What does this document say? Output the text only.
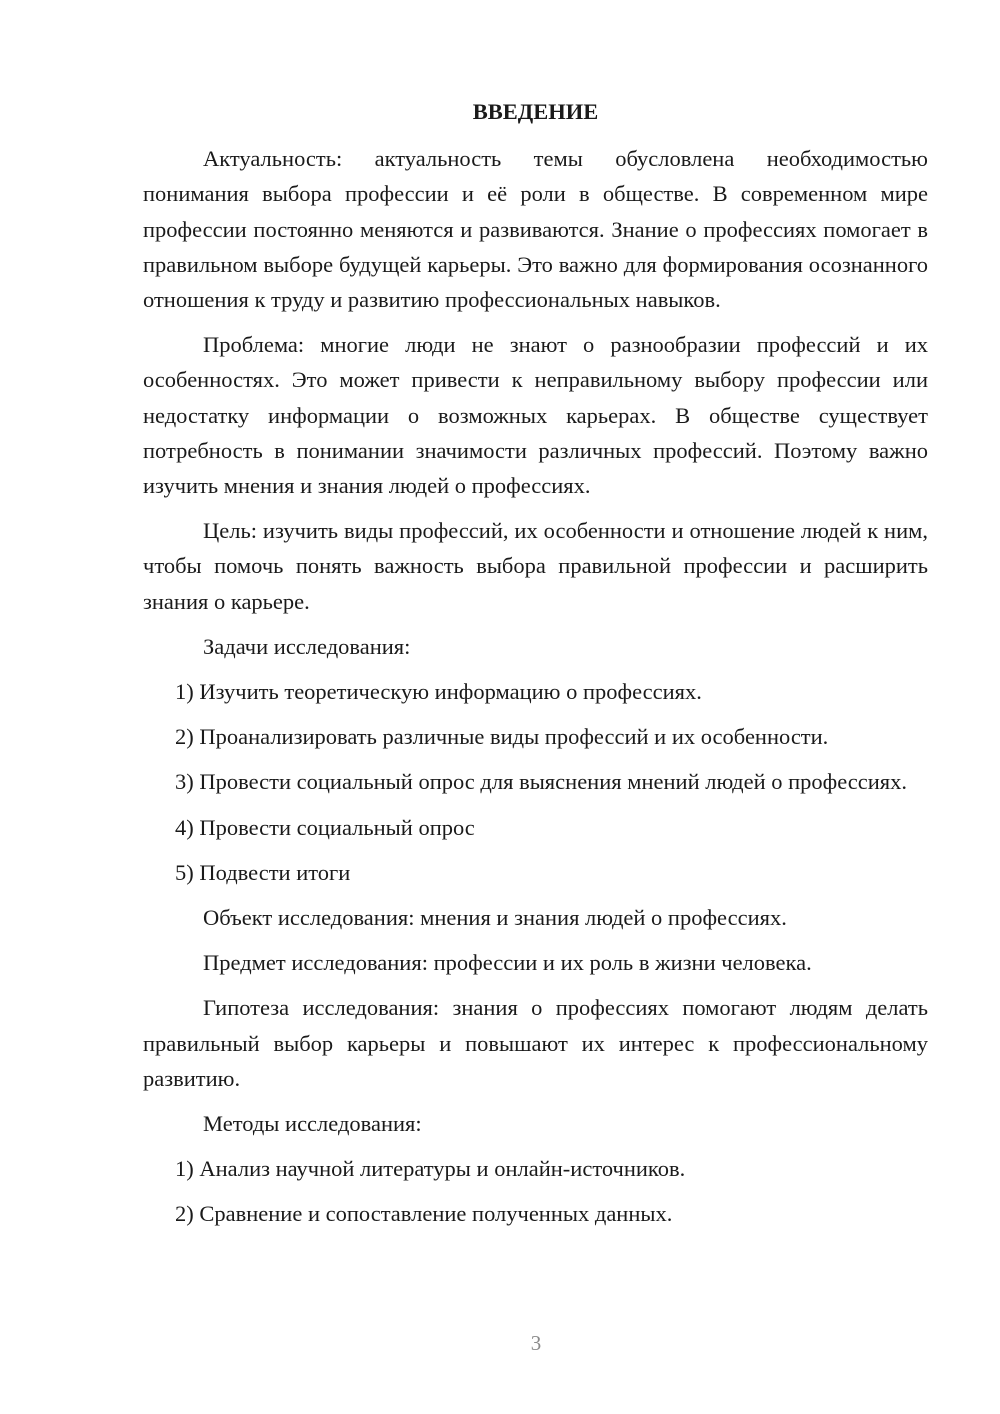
ВВЕДЕНИЕ

Актуальность: актуальность темы обусловлена необходимостью понимания выбора профессии и её роли в обществе. В современном мире профессии постоянно меняются и развиваются. Знание о профессиях помогает в правильном выборе будущей карьеры. Это важно для формирования осознанного отношения к труду и развитию профессиональных навыков.

Проблема: многие люди не знают о разнообразии профессий и их особенностях. Это может привести к неправильному выбору профессии или недостатку информации о возможных карьерах. В обществе существует потребность в понимании значимости различных профессий. Поэтому важно изучить мнения и знания людей о профессиях.

Цель: изучить виды профессий, их особенности и отношение людей к ним, чтобы помочь понять важность выбора правильной профессии и расширить знания о карьере.

Задачи исследования:

1) Изучить теоретическую информацию о профессиях.

2) Проанализировать различные виды профессий и их особенности.

3) Провести социальный опрос для выяснения мнений людей о профессиях.

4) Провести социальный опрос

5) Подвести итоги

Объект исследования: мнения и знания людей о профессиях.

Предмет исследования: профессии и их роль в жизни человека.

Гипотеза исследования: знания о профессиях помогают людям делать правильный выбор карьеры и повышают их интерес к профессиональному развитию.

Методы исследования:

1) Анализ научной литературы и онлайн-источников.

2) Сравнение и сопоставление полученных данных.

3
